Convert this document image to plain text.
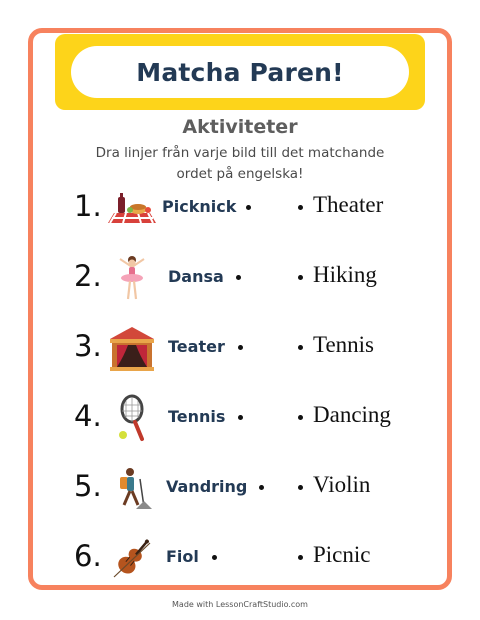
Matcha Paren!
Aktiviteter
Dra linjer från varje bild till det matchande
ordet på engelska!
1.	Picknick	Theater
2.	Dansa	Hiking
3.	Teater	Tennis
4.	Tennis	Dancing
5.	Vandring	Violin
6.	Fiol	Picnic
Made with LessonCraftStudio.com
